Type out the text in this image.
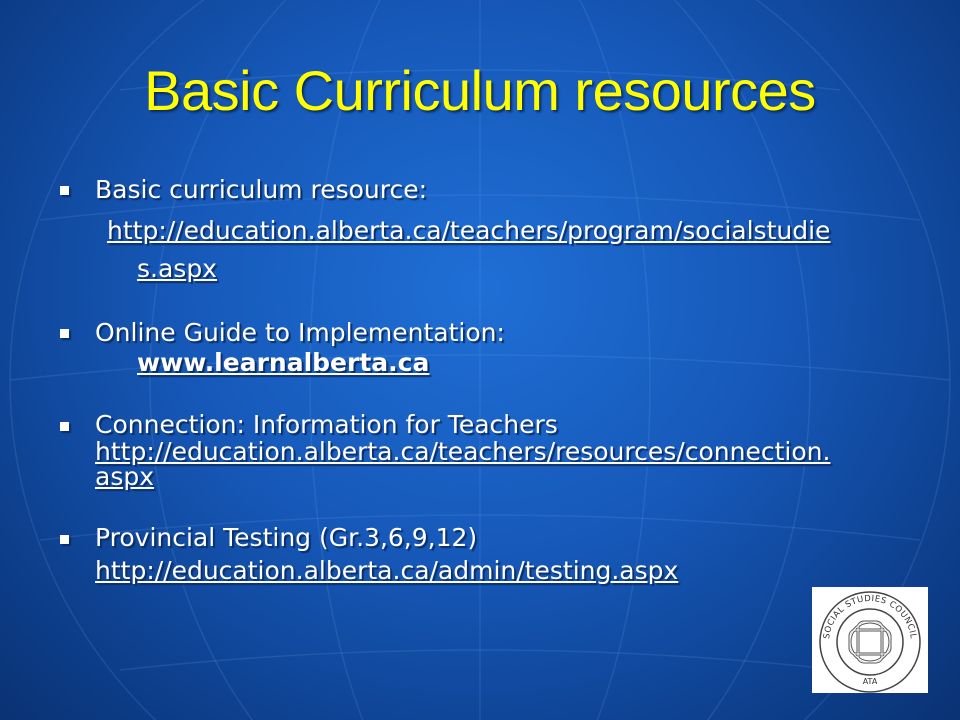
Basic Curriculum resources
Basic curriculum resource:
http://education.alberta.ca/teachers/program/socialstudie
s.aspx
Online Guide to Implementation:
www.learnalberta.ca
Connection: Information for Teachers
http://education.alberta.ca/teachers/resources/connection.
aspx
Provincial Testing (Gr.3,6,9,12)
http://education.alberta.ca/admin/testing.aspx
SOCIAL STUDIES COUNCIL
ATA
